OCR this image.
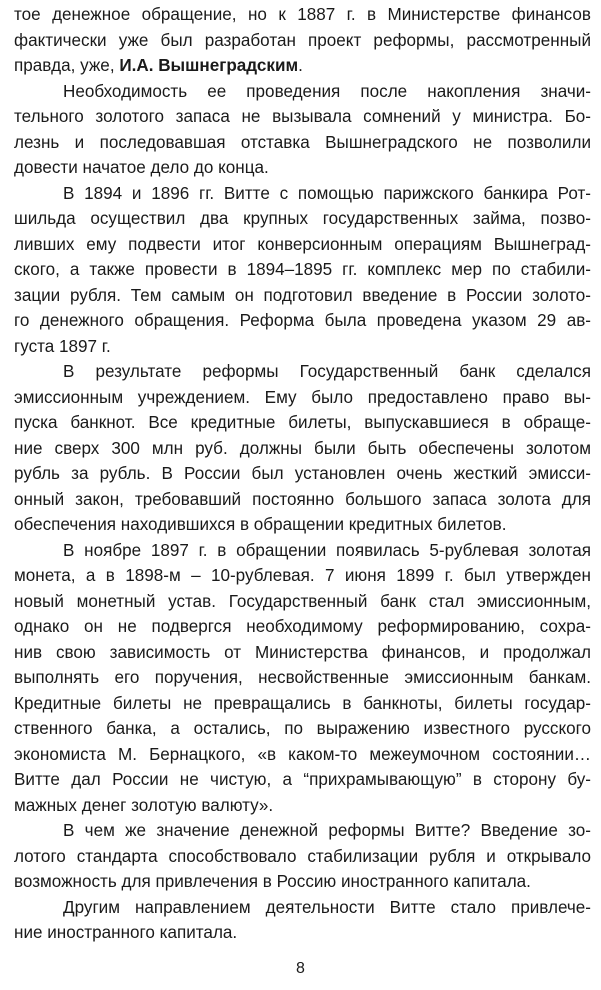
тое денежное обращение, но к 1887 г. в Министерстве финансов
фактически уже был разработан проект реформы, рассмотренный
правда, уже, И.А. Вышнеградским.
Необходимость ее проведения после накопления значи-
тельного золотого запаса не вызывала сомнений у министра. Бо-
лезнь и последовавшая отставка Вышнеградского не позволили
довести начатое дело до конца.
В 1894 и 1896 гг. Витте с помощью парижского банкира Рот-
шильда осуществил два крупных государственных займа, позво-
ливших ему подвести итог конверсионным операциям Вышнеград-
ского, а также провести в 1894–1895 гг. комплекс мер по стабили-
зации рубля. Тем самым он подготовил введение в России золото-
го денежного обращения. Реформа была проведена указом 29 ав-
густа 1897 г.
В результате реформы Государственный банк сделался
эмиссионным учреждением. Ему было предоставлено право вы-
пуска банкнот. Все кредитные билеты, выпускавшиеся в обраще-
ние сверх 300 млн руб. должны были быть обеспечены золотом
рубль за рубль. В России был установлен очень жесткий эмисси-
онный закон, требовавший постоянно большого запаса золота для
обеспечения находившихся в обращении кредитных билетов.
В ноябре 1897 г. в обращении появилась 5-рублевая золотая
монета, а в 1898-м – 10-рублевая. 7 июня 1899 г. был утвержден
новый монетный устав. Государственный банк стал эмиссионным,
однако он не подвергся необходимому реформированию, сохра-
нив свою зависимость от Министерства финансов, и продолжал
выполнять его поручения, несвойственные эмиссионным банкам.
Кредитные билеты не превращались в банкноты, билеты государ-
ственного банка, а остались, по выражению известного русского
экономиста М. Бернацкого, «в каком-то межеумочном состоянии…
Витте дал России не чистую, а “прихрамывающую” в сторону бу-
мажных денег золотую валюту».
В чем же значение денежной реформы Витте? Введение зо-
лотого стандарта способствовало стабилизации рубля и открывало
возможность для привлечения в Россию иностранного капитала.
Другим направлением деятельности Витте стало привлече-
ние иностранного капитала.
8
